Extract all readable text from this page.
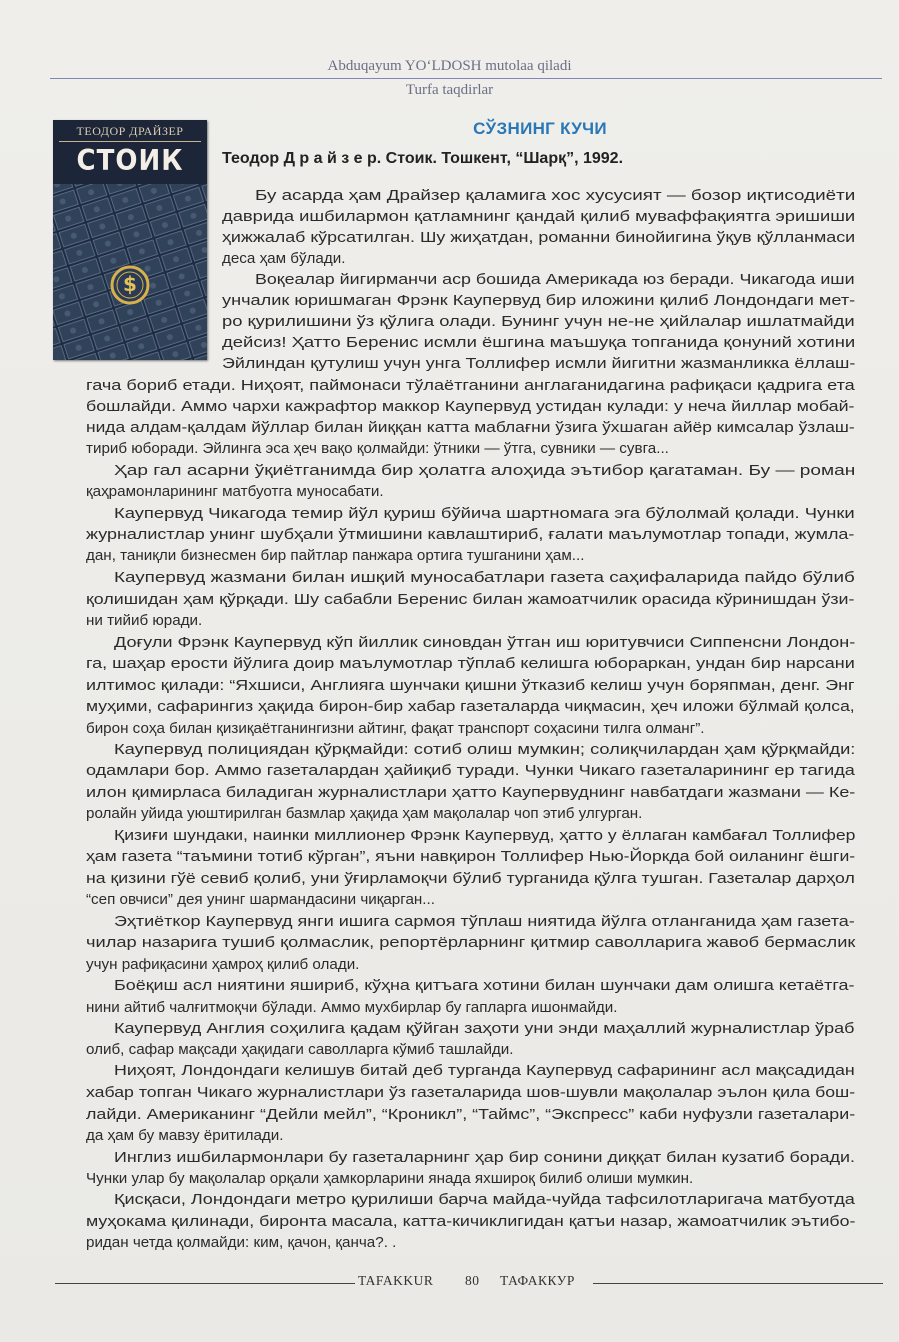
Abduqayum YO‘LDOSH mutolaa qiladi
Turfa taqdirlar
ТЕОДОР ДРАЙЗЕР
СТОИК
$
СЎЗНИНГ КУЧИ
Теодор Д р а й з е р. Стоик. Тошкент, “Шарқ”, 1992.
Бу асарда ҳам Драйзер қаламига хос хусусият — бозор иқтисодиёти
даврида ишбилармон қатламнинг қандай қилиб муваффақиятга эришиши
ҳижжалаб кўрсатилган. Шу жиҳатдан, романни бинойигина ўқув қўлланмаси
деса ҳам бўлади.
Воқеалар йигирманчи аср бошида Америкада юз беради. Чикагода иши
унчалик юришмаган Фрэнк Каупервуд бир иложини қилиб Лондондаги мет-
ро қурилишини ўз қўлига олади. Бунинг учун не-не ҳийлалар ишлатмайди
дейсиз! Ҳатто Беренис исмли ёшгина маъшуқа топганида қонуний хотини
Эйлиндан қутулиш учун унга Толлифер исмли йигитни жазманликка ёллаш-
гача бориб етади. Ниҳоят, паймонаси тўлаётганини англаганидагина рафиқаси қадрига ета
бошлайди. Аммо чархи кажрафтор маккор Каупервуд устидан кулади: у неча йиллар мобай-
нида алдам-қалдам йўллар билан йиққан катта маблағни ўзига ўхшаган айёр кимсалар ўзлаш-
тириб юборади. Эйлинга эса ҳеч вақо қолмайди: ўтники — ўтга, сувники — сувга...
Ҳар гал асарни ўқиётганимда бир ҳолатга алоҳида эътибор қarатаман. Бу — роман
қаҳрамонларининг матбуотга муносабати.
Каупервуд Чикагода темир йўл қуриш бўйича шартномага эга бўлолмай қолади. Чунки
журналистлар унинг шубҳали ўтмишини кавлаштириб, ғалати маълумотлар топади, жумла-
дан, таниқли бизнесмен бир пайтлар панжара ортига тушганини ҳам...
Каупервуд жазмани билан ишқий муносабатлари газета саҳифаларида пайдо бўлиб
қолишидан ҳам қўрқади. Шу сабабли Беренис билан жамоатчилик орасида кўринишдан ўзи-
ни тийиб юради.
Доғули Фрэнк Каупервуд кўп йиллик синовдан ўтган иш юритувчиси Сиппенсни Лондон-
га, шаҳар ерости йўлига доир маълумотлар тўплаб келишга юбораркан, ундан бир нарсани
илтимос қилади: “Яхшиси, Англияга шунчаки қишни ўтказиб келиш учун боряпман, денг. Энг
муҳими, сафарингиз ҳақида бирон-бир хабар газеталарда чиқмасин, ҳеч иложи бўлмай қолса,
бирон соҳа билан қизиқаётганингизни айтинг, фақат транспорт соҳасини тилга олманг”.
Каупервуд полициядан қўрқмайди: сотиб олиш мумкин; солиқчилардан ҳам қўрқмайди:
одамлари бор. Аммо газеталардан ҳайиқиб туради. Чунки Чикаго газеталарининг ер тагида
илон қимирласа биладиган журналистлари ҳатто Каупервуднинг навбатдаги жазмани — Ке-
ролайн уйида уюштирилган базмлар ҳақида ҳам мақолалар чоп этиб улгурган.
Қизиғи шундаки, наинки миллионер Фрэнк Каупервуд, ҳатто у ёллаган камбағал Толлифер
ҳам газета “таъмини тотиб кўрган”, яъни навқирон Толлифер Нью-Йоркда бой оиланинг ёшги-
на қизини гўё севиб қолиб, уни ўғирламоқчи бўлиб турганида қўлга тушган. Газеталар дарҳол
“сеп овчиси” дея унинг шармандасини чиқарган...
Эҳтиёткор Каупервуд янги ишига сармоя тўплаш ниятида йўлга отланганида ҳам газета-
чилар назарига тушиб қолмаслик, репортёрларнинг қитмир саволларига жавоб бермаслик
учун рафиқасини ҳамроҳ қилиб олади.
Боёқиш асл ниятини яшириб, кўҳна қитъага хотини билан шунчаки дам олишга кетаётга-
нини айтиб чалғитмоқчи бўлади. Аммо мухбирлар бу гапларга ишонмайди.
Каупервуд Англия соҳилига қадам қўйган заҳоти уни энди маҳаллий журналистлар ўраб
олиб, сафар мақсади ҳақидаги саволларга кўмиб ташлайди.
Ниҳоят, Лондондаги келишув битай деб турганда Каупервуд сафарининг асл мақсадидан
хабар топган Чикаго журналистлари ўз газеталарида шов-шувли мақолалар эълон қила бош-
лайди. Американинг “Дейли мейл”, “Кроникл”, “Таймс”, “Экспресс” каби нуфузли газеталари-
да ҳам бу мавзу ёритилади.
Инглиз ишбилармонлари бу газеталарнинг ҳар бир сонини диққат билан кузатиб боради.
Чунки улар бу мақолалар орқали ҳамкорларини янада яхшироқ билиб олиши мумкин.
Қисқаси, Лондондаги метро қурилиши барча майда-чуйда тафсилотларигача матбуотда
муҳокама қилинади, биронта масала, катта-кичиклигидан қатъи назар, жамоатчилик эътибо-
ридан четда қолмайди: ким, қачон, қанча?. .
TAFAKKUR 80 ТАФАККУР
